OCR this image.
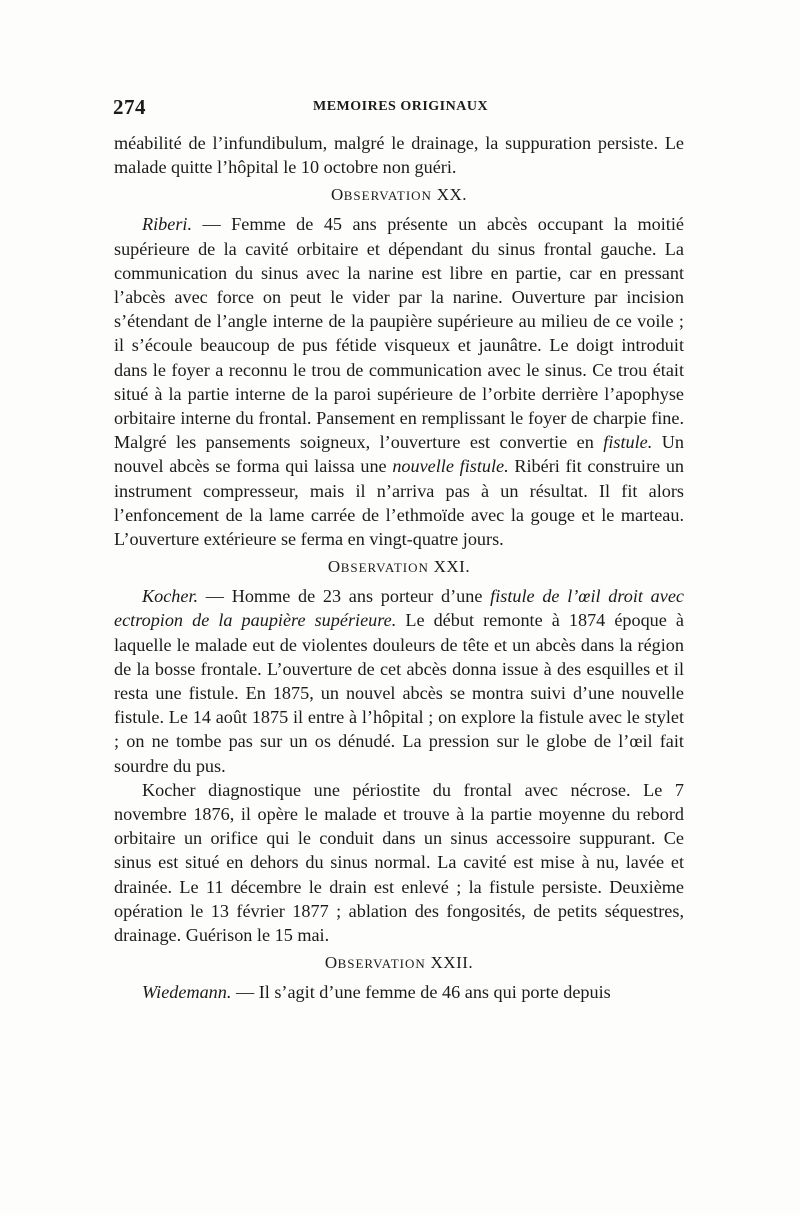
274	MEMOIRES ORIGINAUX

méabilité de l’infundibulum, malgré le drainage, la suppuration persiste. Le malade quitte l’hôpital le 10 octobre non guéri.

OBSERVATION XX.

Riberi. — Femme de 45 ans présente un abcès occupant la moitié supérieure de la cavité orbitaire et dépendant du sinus frontal gauche. La communication du sinus avec la narine est libre en partie, car en pressant l’abcès avec force on peut le vider par la narine. Ouverture par incision s’étendant de l’angle interne de la paupière supérieure au milieu de ce voile ; il s’écoule beaucoup de pus fétide visqueux et jaunâtre. Le doigt introduit dans le foyer a reconnu le trou de communication avec le sinus. Ce trou était situé à la partie interne de la paroi supérieure de l’orbite derrière l’apophyse orbitaire interne du frontal. Pansement en remplissant le foyer de charpie fine. Malgré les pansements soigneux, l’ouverture est convertie en fistule. Un nouvel abcès se forma qui laissa une nouvelle fistule. Ribéri fit construire un instrument compresseur, mais il n’arriva pas à un résultat. Il fit alors l’enfoncement de la lame carrée de l’ethmoïde avec la gouge et le marteau. L’ouverture extérieure se ferma en vingt-quatre jours.

OBSERVATION XXI.

Kocher. — Homme de 23 ans porteur d’une fistule de l’œil droit avec ectropion de la paupière supérieure. Le début remonte à 1874 époque à laquelle le malade eut de violentes douleurs de tête et un abcès dans la région de la bosse frontale. L’ouverture de cet abcès donna issue à des esquilles et il resta une fistule. En 1875, un nouvel abcès se montra suivi d’une nouvelle fistule. Le 14 août 1875 il entre à l’hôpital ; on explore la fistule avec le stylet ; on ne tombe pas sur un os dénudé. La pression sur le globe de l’œil fait sourdre du pus.

Kocher diagnostique une périostite du frontal avec nécrose. Le 7 novembre 1876, il opère le malade et trouve à la partie moyenne du rebord orbitaire un orifice qui le conduit dans un sinus accessoire suppurant. Ce sinus est situé en dehors du sinus normal. La cavité est mise à nu, lavée et drainée. Le 11 décembre le drain est enlevé ; la fistule persiste. Deuxième opération le 13 février 1877 ; ablation des fongosités, de petits séquestres, drainage. Guérison le 15 mai.

OBSERVATION XXII.

Wiedemann. — Il s’agit d’une femme de 46 ans qui porte depuis
